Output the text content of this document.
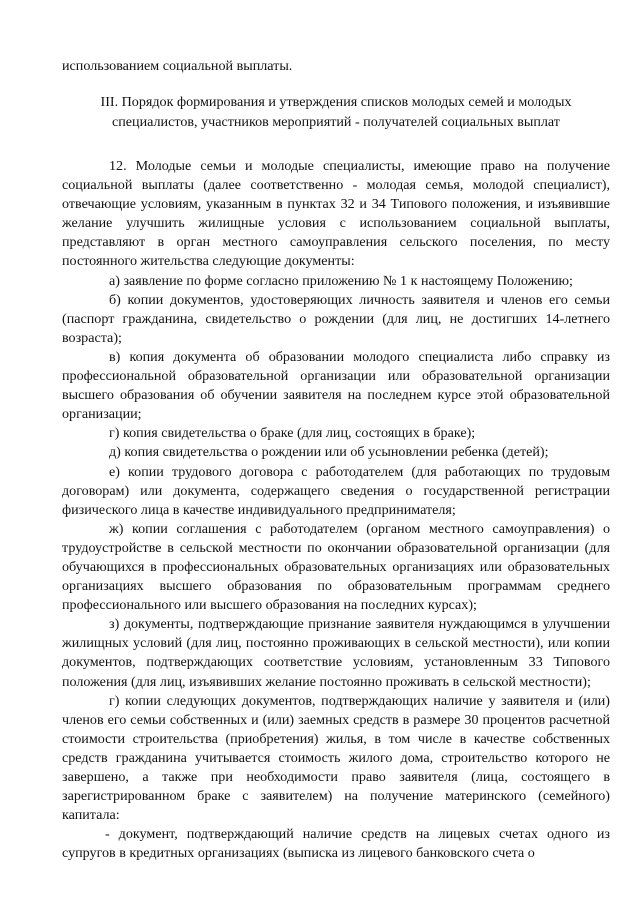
использованием социальной выплаты.

III. Порядок формирования и утверждения списков молодых семей и молодых специалистов, участников мероприятий - получателей социальных выплат

12. Молодые семьи и молодые специалисты, имеющие право на получение социальной выплаты (далее соответственно - молодая семья, молодой специалист), отвечающие условиям, указанным в пунктах 32 и 34 Типового положения, и изъявившие желание улучшить жилищные условия с использованием социальной выплаты, представляют в орган местного самоуправления сельского поселения, по месту постоянного жительства следующие документы:

а) заявление по форме согласно приложению № 1 к настоящему Положению;

б) копии документов, удостоверяющих личность заявителя и членов его семьи (паспорт гражданина, свидетельство о рождении (для лиц, не достигших 14-летнего возраста);

в) копия документа об образовании молодого специалиста либо справку из профессиональной образовательной организации или образовательной организации высшего образования об обучении заявителя на последнем курсе этой образовательной организации;

г) копия свидетельства о браке (для лиц, состоящих в браке);

д) копия свидетельства о рождении или об усыновлении ребенка (детей);

е) копии трудового договора с работодателем (для работающих по трудовым договорам) или документа, содержащего сведения о государственной регистрации физического лица в качестве индивидуального предпринимателя;

ж) копии соглашения с работодателем (органом местного самоуправления) о трудоустройстве в сельской местности по окончании образовательной организации (для обучающихся в профессиональных образовательных организациях или образовательных организациях высшего образования по образовательным программам среднего профессионального или высшего образования на последних курсах);

з) документы, подтверждающие признание заявителя нуждающимся в улучшении жилищных условий (для лиц, постоянно проживающих в сельской местности), или копии документов, подтверждающих соответствие условиям, установленным 33 Типового положения (для лиц, изъявивших желание постоянно проживать в сельской местности);

г) копии следующих документов, подтверждающих наличие у заявителя и (или) членов его семьи собственных и (или) заемных средств в размере 30 процентов расчетной стоимости строительства (приобретения) жилья, в том числе в качестве собственных средств гражданина учитывается стоимость жилого дома, строительство которого не завершено, а также при необходимости право заявителя (лица, состоящего в зарегистрированном браке с заявителем) на получение материнского (семейного) капитала:

- документ, подтверждающий наличие средств на лицевых счетах одного из супругов в кредитных организациях (выписка из лицевого банковского счета о
